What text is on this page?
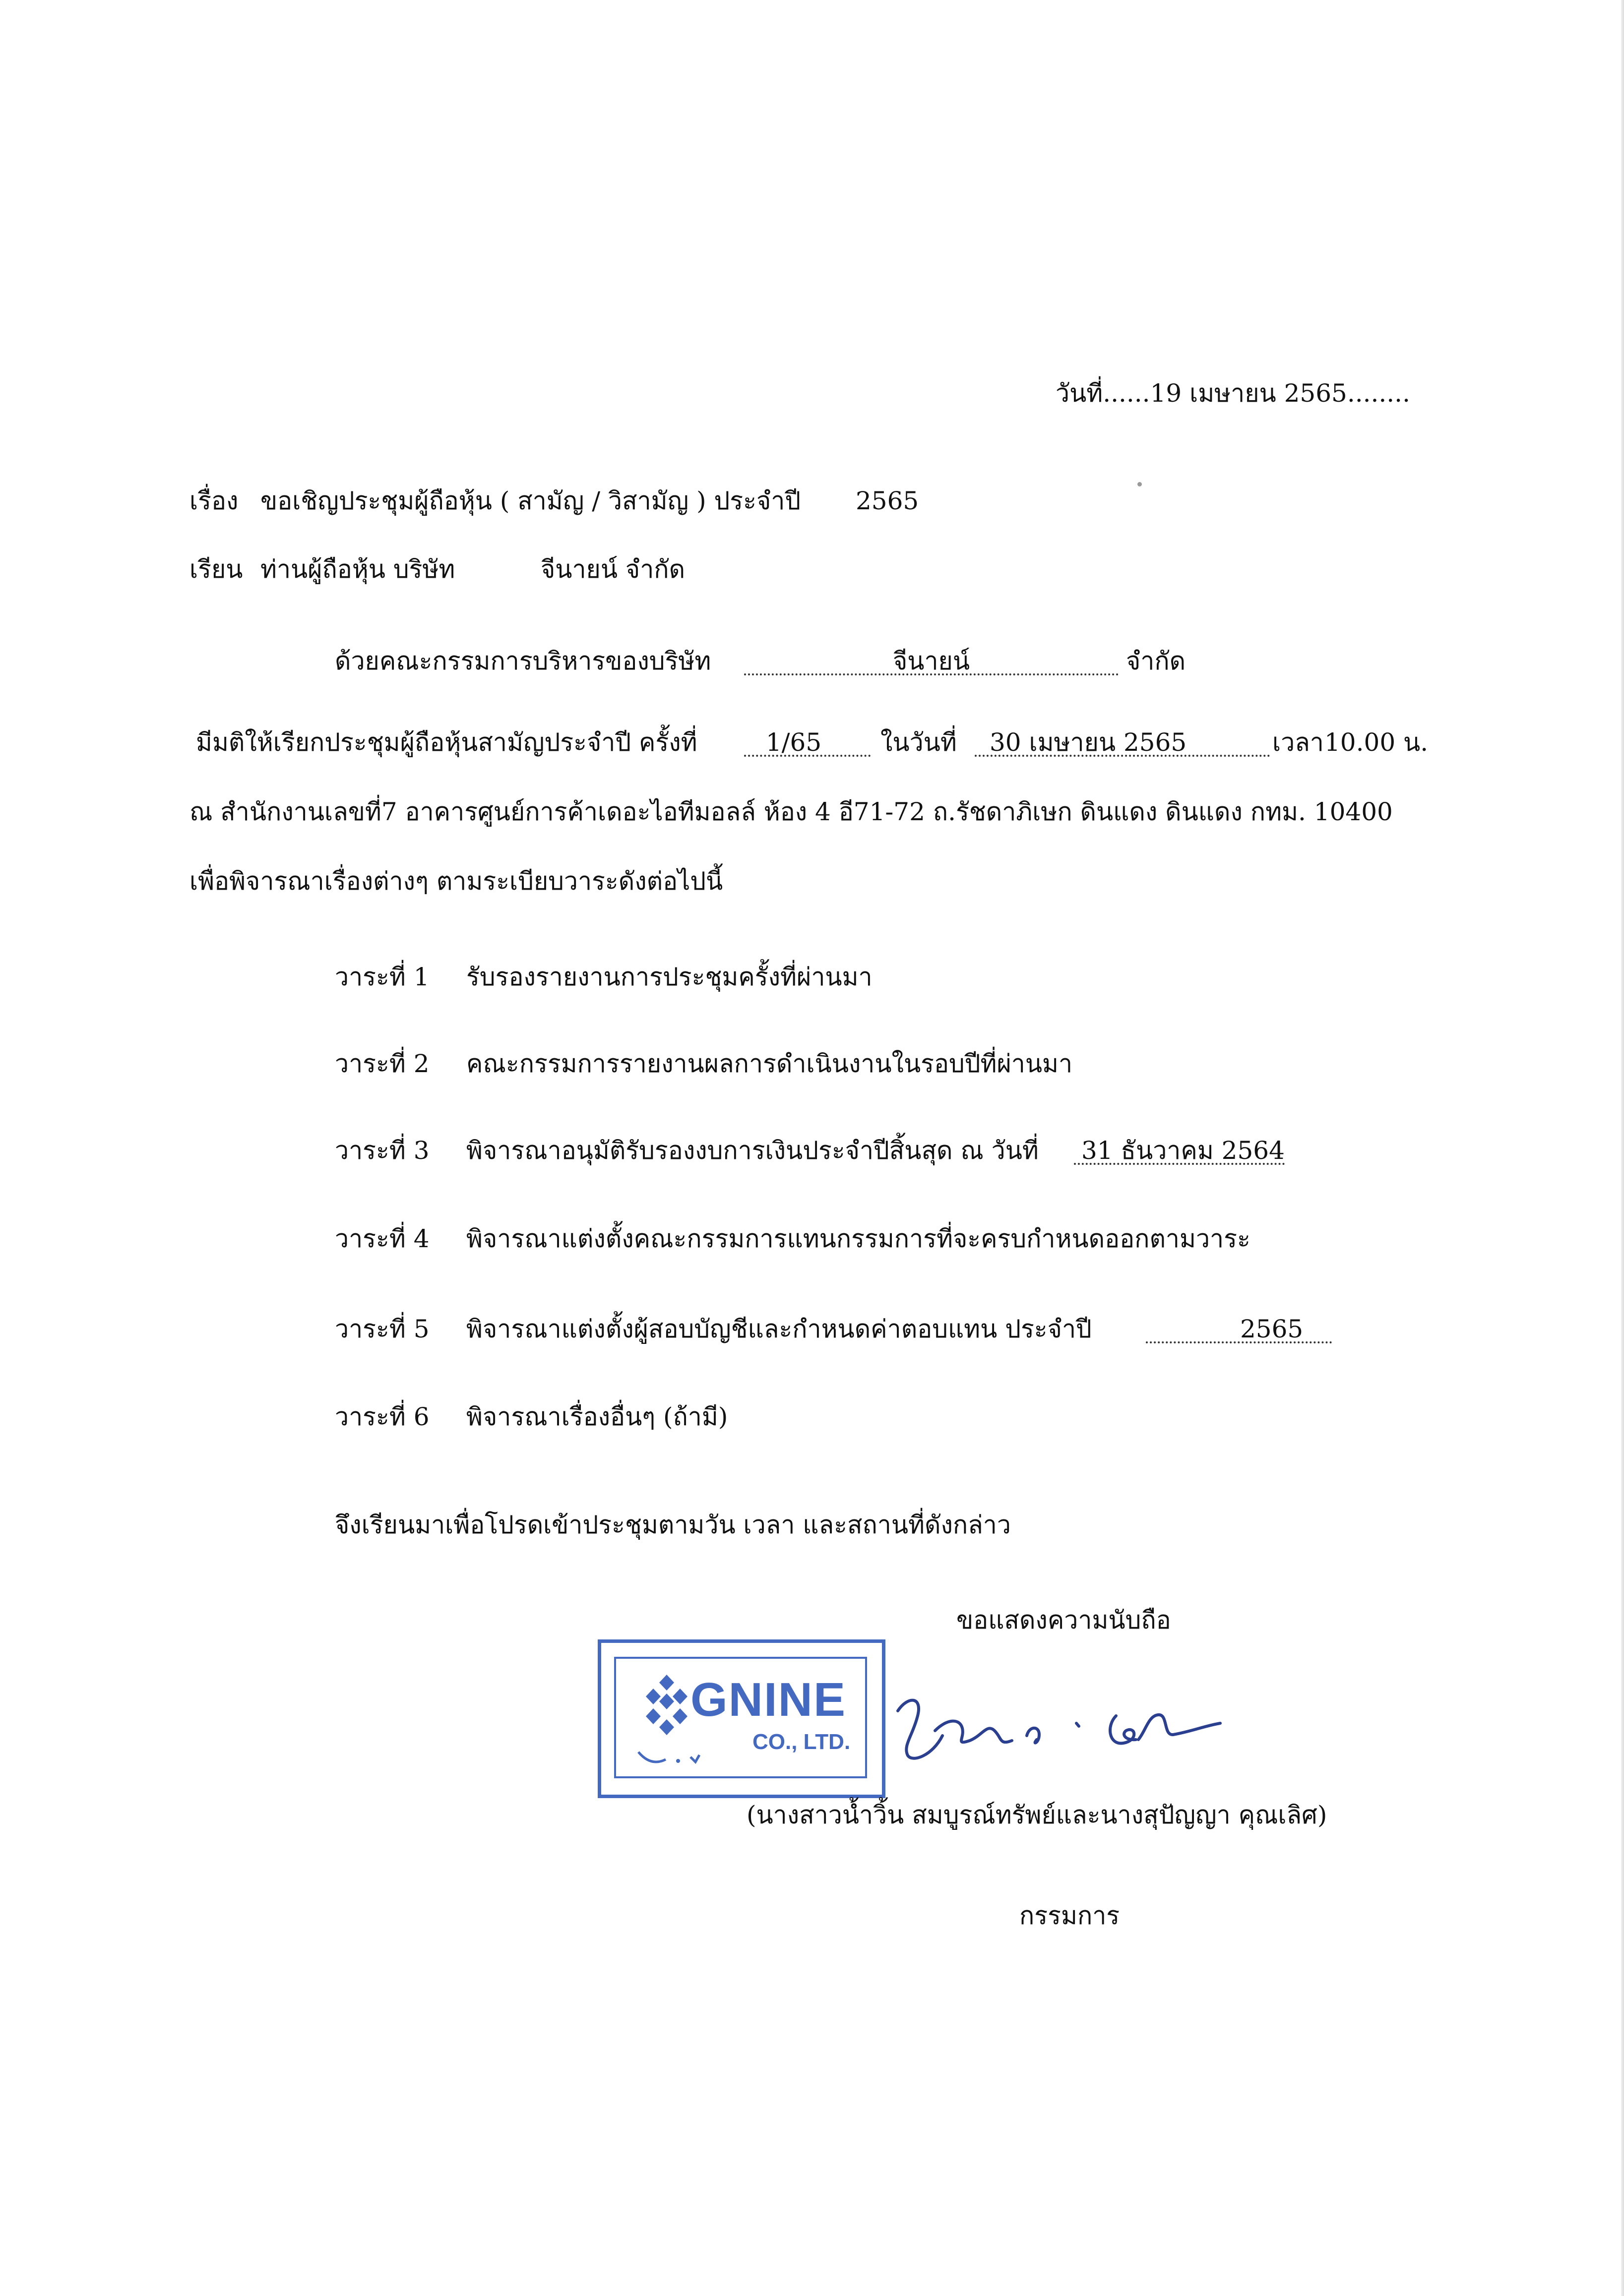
วันที่......19 เมษายน 2565........
เรื่อง ขอเชิญประชุมผู้ถือหุ้น ( สามัญ / วิสามัญ ) ประจำปี 2565
เรียน ท่านผู้ถือหุ้น บริษัท	จีนายน์ จำกัด
ด้วยคณะกรรมการบริหารของบริษัท	จีนายน์	จำกัด
มีมติให้เรียกประชุมผู้ถือหุ้นสามัญประจำปี ครั้งที่	1/65	ในวันที่ 30 เมษายน 2565	เวลา 10.00 น.
ณ สำนักงานเลขที่7 อาคารศูนย์การค้าเดอะไอทีมอลล์ ห้อง 4 อี71-72 ถ.รัชดาภิเษก ดินแดง ดินแดง กทม. 10400
เพื่อพิจารณาเรื่องต่างๆ ตามระเบียบวาระดังต่อไปนี้
วาระที่ 1 รับรองรายงานการประชุมครั้งที่ผ่านมา
วาระที่ 2 คณะกรรมการรายงานผลการดำเนินงานในรอบปีที่ผ่านมา
วาระที่ 3 พิจารณาอนุมัติรับรองงบการเงินประจำปีสิ้นสุด ณ วันที่ 31 ธันวาคม 2564
วาระที่ 4 พิจารณาแต่งตั้งคณะกรรมการแทนกรรมการที่จะครบกำหนดออกตามวาระ
วาระที่ 5 พิจารณาแต่งตั้งผู้สอบบัญชีและกำหนดค่าตอบแทน ประจำปี	2565
วาระที่ 6 พิจารณาเรื่องอื่นๆ (ถ้ามี)
จึงเรียนมาเพื่อโปรดเข้าประชุมตามวัน เวลา และสถานที่ดังกล่าว
ขอแสดงความนับถือ
GNINE
CO., LTD.
(นางสาวน้ำวิ้น สมบูรณ์ทรัพย์และนางสุปัญญา คุณเลิศ)
กรรมการ
